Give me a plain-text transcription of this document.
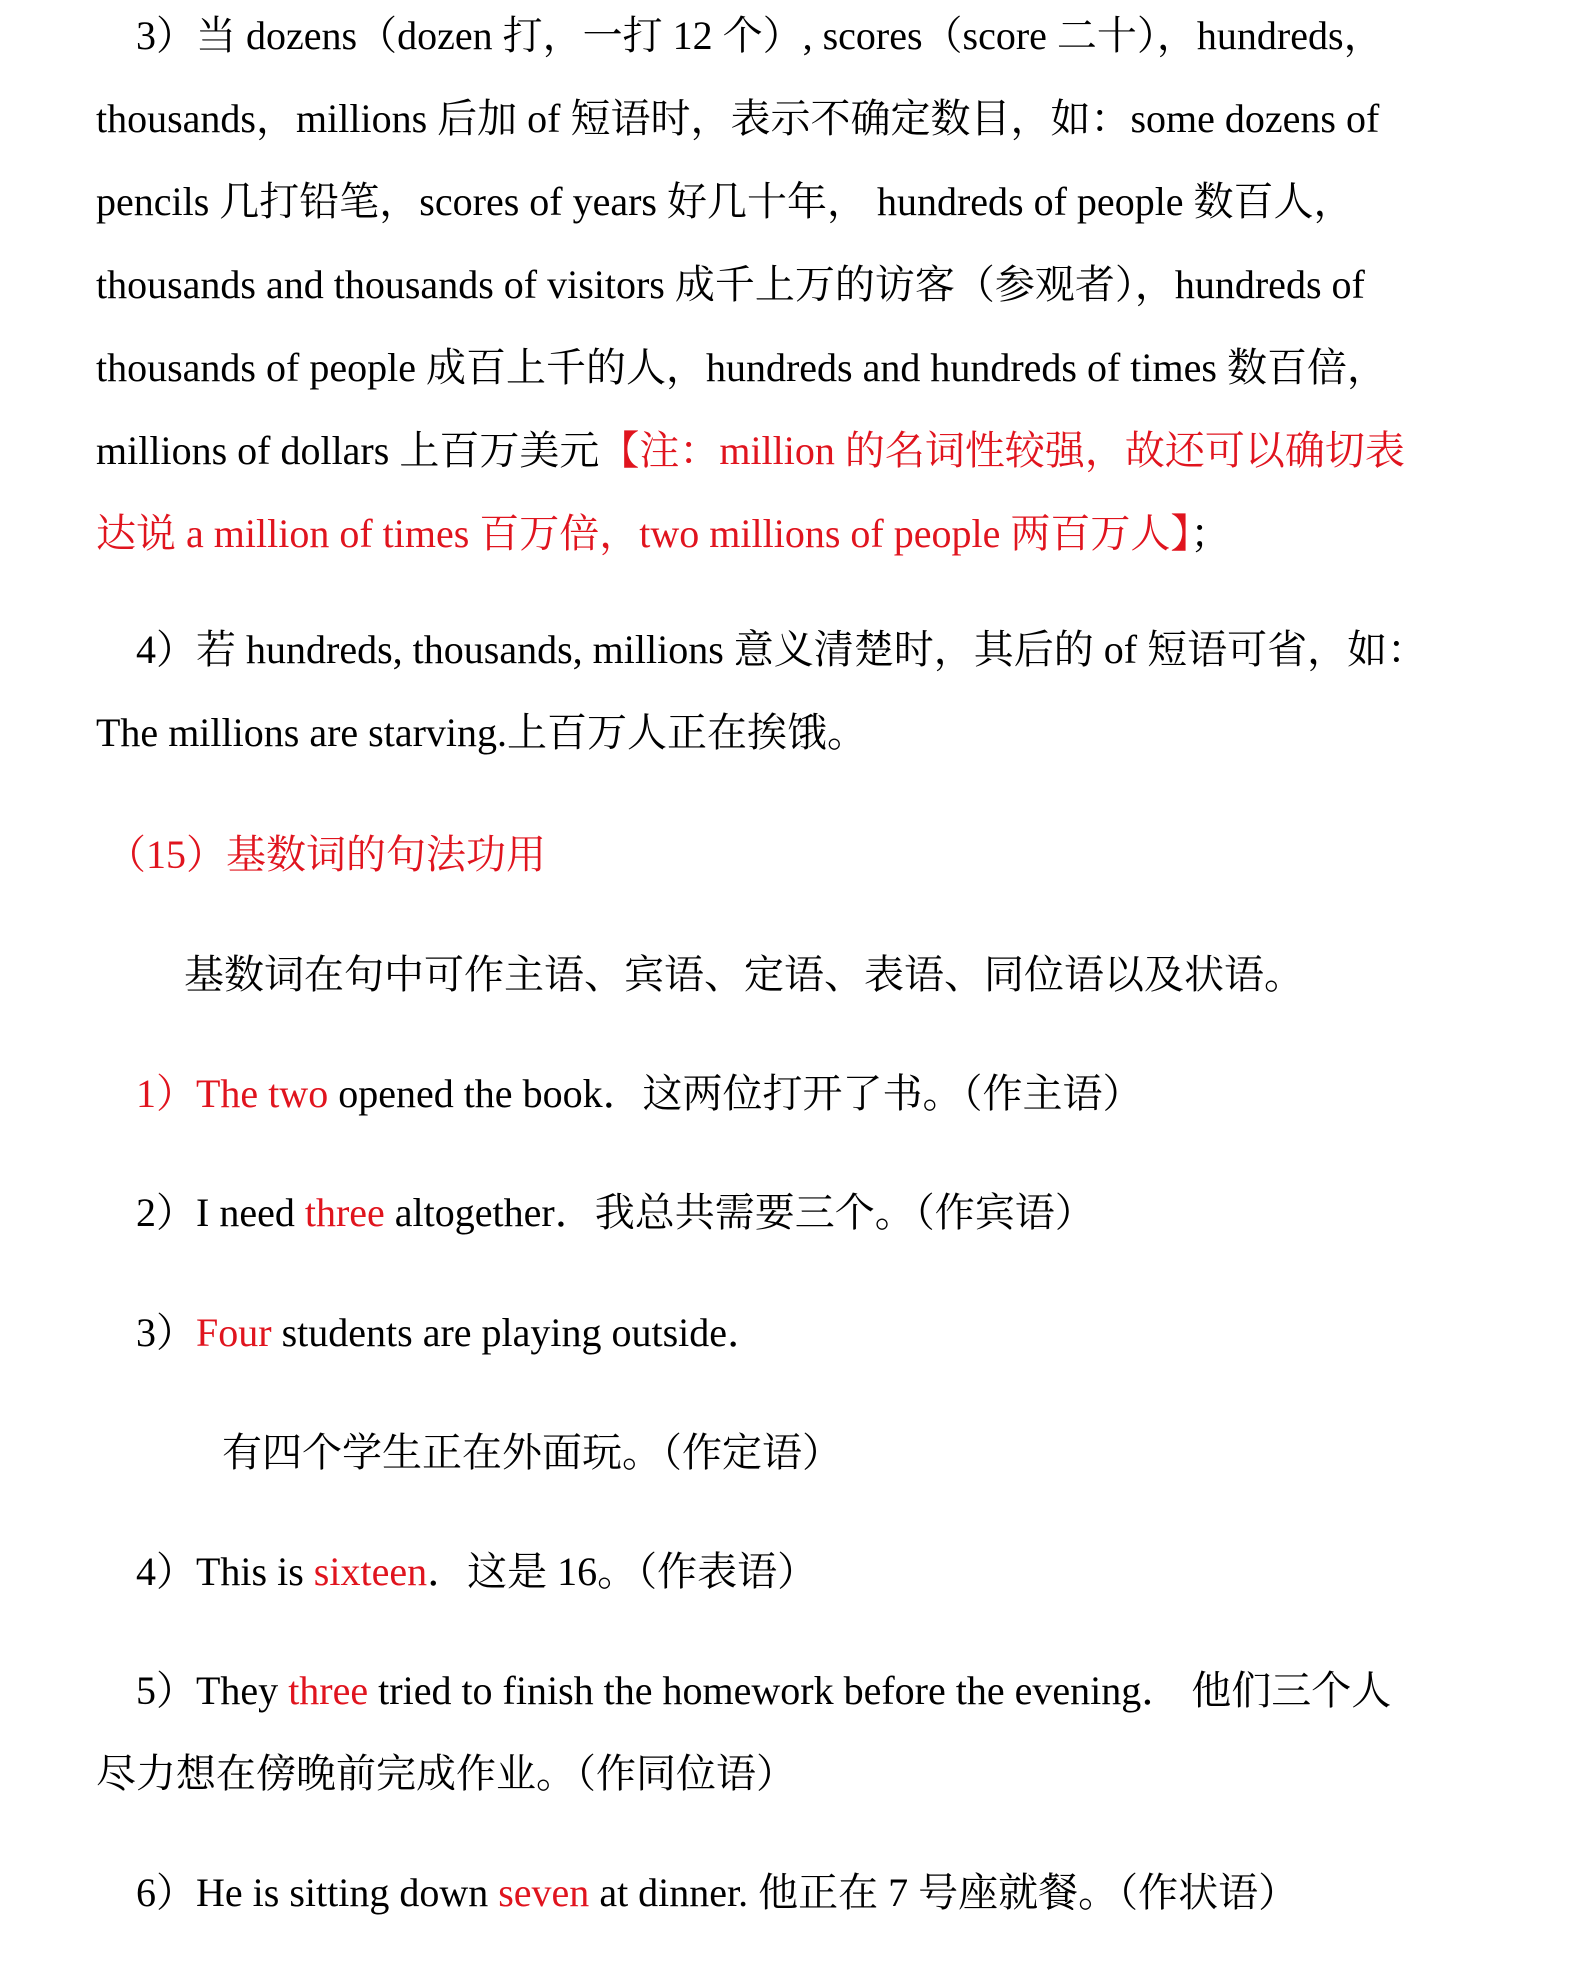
　3）当 dozens（dozen 打，一打 12 个）, scores（score 二十），hundreds，
thousands，millions 后加 of 短语时，表示不确定数目，如：some dozens of
pencils 几打铅笔，scores of years 好几十年， hundreds of people 数百人，
thousands and thousands of visitors 成千上万的访客（参观者），hundreds of
thousands of people 成百上千的人，hundreds and hundreds of times 数百倍，
millions of dollars 上百万美元【注：million 的名词性较强，故还可以确切表
达说 a million of times 百万倍，two millions of people 两百万人】；
　4）若 hundreds, thousands, millions 意义清楚时，其后的 of 短语可省，如：
The millions are starving.上百万人正在挨饿。
（15）基数词的句法功用
基数词在句中可作主语、宾语、定语、表语、同位语以及状语。
1）The two opened the book．这两位打开了书。（作主语）
2）I need three altogether．我总共需要三个。（作宾语）
3）Four students are playing outside．
有四个学生正在外面玩。（作定语）
4）This is sixteen．这是 16。（作表语）
5）They three tried to finish the homework before the evening． 他们三个人
尽力想在傍晚前完成作业。（作同位语）
6）He is sitting down seven at dinner. 他正在 7 号座就餐。（作状语）
